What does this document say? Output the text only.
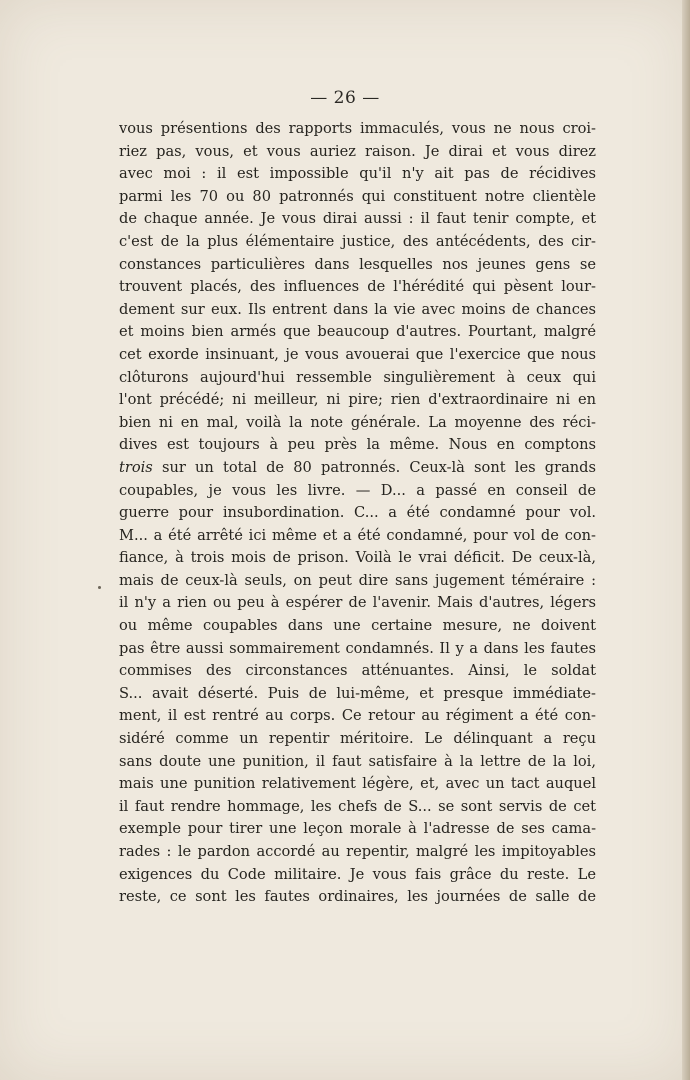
— 26 —
vous présentions des rapports immaculés, vous ne nous croi-
riez pas, vous, et vous auriez raison. Je dirai et vous direz
avec moi : il est impossible qu'il n'y ait pas de récidives
parmi les 70 ou 80 patronnés qui constituent notre clientèle
de chaque année. Je vous dirai aussi : il faut tenir compte, et
c'est de la plus élémentaire justice, des antécédents, des cir-
constances particulières dans lesquelles nos jeunes gens se
trouvent placés, des influences de l'hérédité qui pèsent lour-
dement sur eux. Ils entrent dans la vie avec moins de chances
et moins bien armés que beaucoup d'autres. Pourtant, malgré
cet exorde insinuant, je vous avouerai que l'exercice que nous
clôturons aujourd'hui ressemble singulièrement à ceux qui
l'ont précédé; ni meilleur, ni pire; rien d'extraordinaire ni en
bien ni en mal, voilà la note générale. La moyenne des réci-
dives est toujours à peu près la même. Nous en comptons
trois sur un total de 80 patronnés. Ceux-là sont les grands
coupables, je vous les livre. — D... a passé en conseil de
guerre pour insubordination. C... a été condamné pour vol.
M... a été arrêté ici même et a été condamné, pour vol de con-
fiance, à trois mois de prison. Voilà le vrai déficit. De ceux-là,
mais de ceux-là seuls, on peut dire sans jugement téméraire :
il n'y a rien ou peu à espérer de l'avenir. Mais d'autres, légers
ou même coupables dans une certaine mesure, ne doivent
pas être aussi sommairement condamnés. Il y a dans les fautes
commises des circonstances atténuantes. Ainsi, le soldat
S... avait déserté. Puis de lui-même, et presque immédiate-
ment, il est rentré au corps. Ce retour au régiment a été con-
sidéré comme un repentir méritoire. Le délinquant a reçu
sans doute une punition, il faut satisfaire à la lettre de la loi,
mais une punition relativement légère, et, avec un tact auquel
il faut rendre hommage, les chefs de S... se sont servis de cet
exemple pour tirer une leçon morale à l'adresse de ses cama-
rades : le pardon accordé au repentir, malgré les impitoyables
exigences du Code militaire. Je vous fais grâce du reste. Le
reste, ce sont les fautes ordinaires, les journées de salle de
